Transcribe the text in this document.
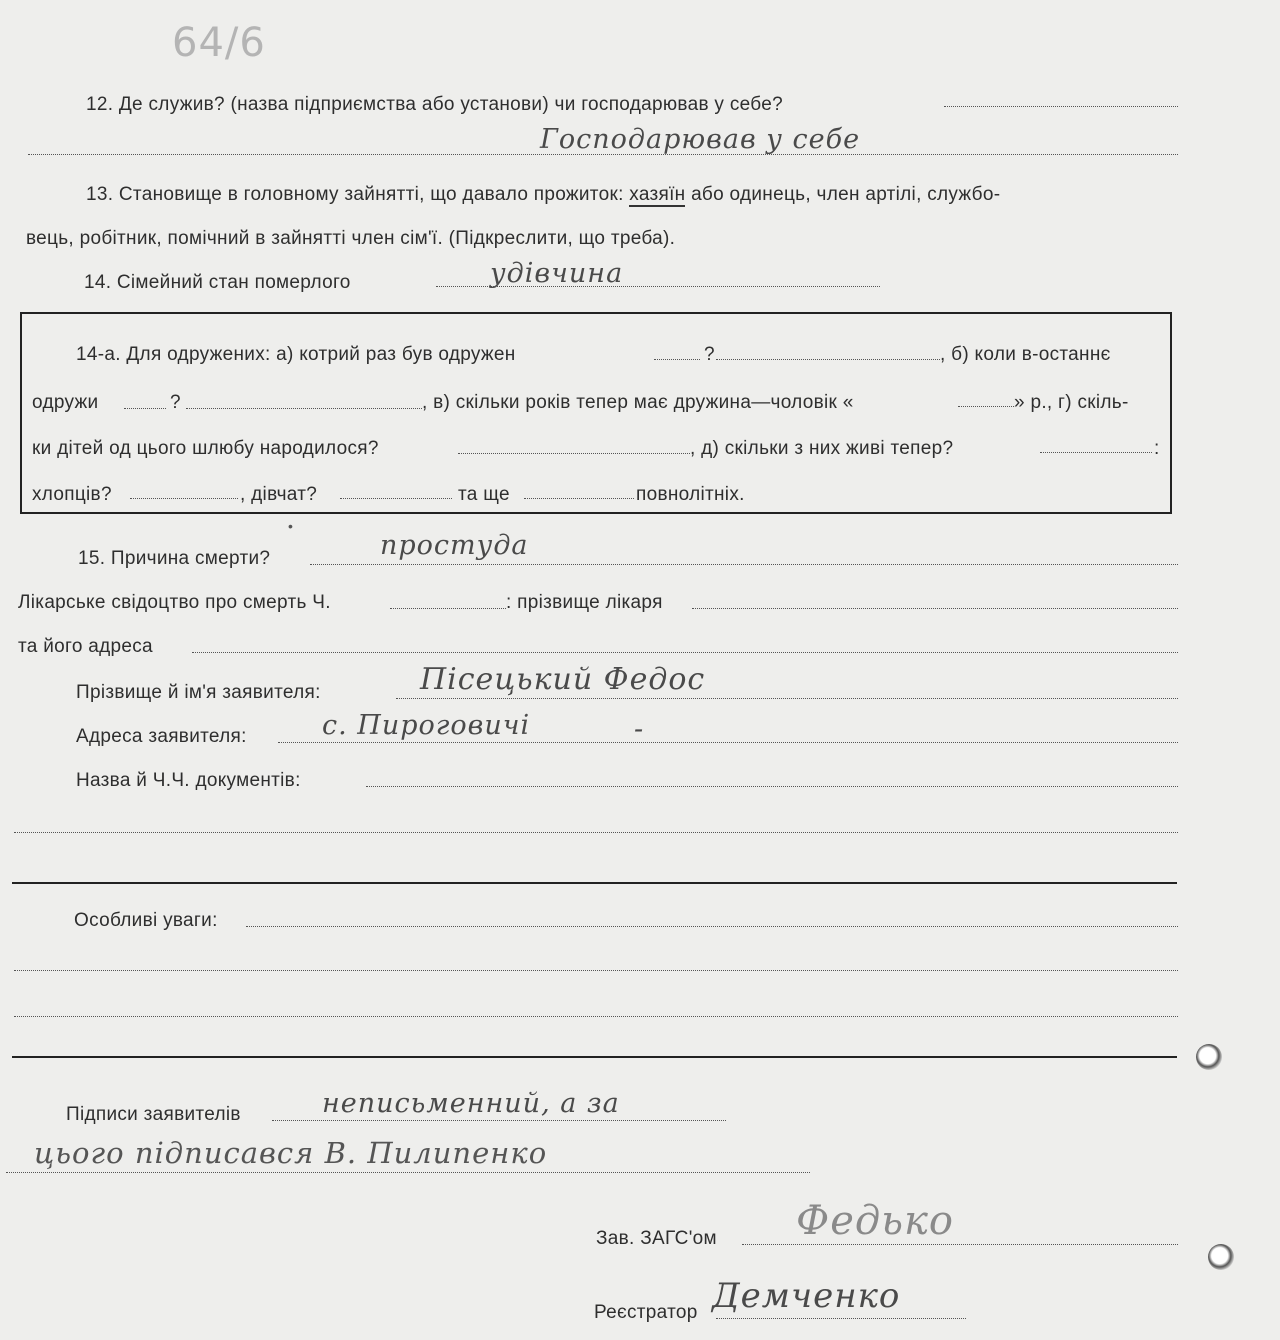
64/6
12. Де служив? (назва підприємства або установи) чи господарював у себе?
Господарював у себе
13. Становище в головному зайнятті, що давало прожиток: хазяїн або одинець, член артілі, службо-
вець, робітник, помічний в зайнятті член сім'ї. (Підкреслити, що треба).
14. Сімейний стан померлого	удівчина
14-а. Для одружених: а) котрий раз був одружен	?	, б) коли в-останнє
одружи	?	, в) скільки років тепер має дружина—чоловік «	» р., г) скіль-
ки дітей од цього шлюбу народилося?	, д) скільки з них живі тепер?	:
хлопців?	, дівчат?	та ще	повнолітніх.
15. Причина смерти?	простуда
Лікарське свідоцтво про смерть Ч.	: прізвище лікаря
та його адреса
Прізвище й ім'я заявителя:	Пісецький Федос
Адреса заявителя:	с. Пироговичі	-
Назва й Ч.Ч. документів:
Особливі уваги:
Підписи заявителів	неписьменний, а за
цього підписався В. Пилипенко
Зав. ЗАГС'ом Федько
Реєстратор Демченко
•
